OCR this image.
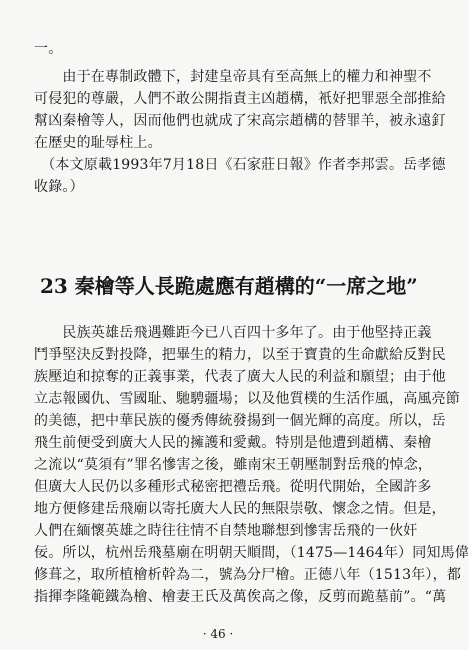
一。
　　由于在專制政體下，封建皇帝具有至高無上的權力和神聖不
可侵犯的尊嚴，人們不敢公開指責主凶趙構，衹好把罪惡全部推給
幫凶秦檜等人，因而他們也就成了宋高宗趙構的替罪羊，被永遠釘
在歷史的耻辱柱上。
　（本文原載1993年7月18日《石家莊日報》作者李邦雲。岳孝德
收錄。）
23 秦檜等人長跪處應有趙構的“一席之地”
　　民族英雄岳飛遇難距今已八百四十多年了。由于他堅持正義
鬥爭堅決反對投降，把畢生的精力，以至于寶貴的生命獻給反對民
族壓迫和掠奪的正義事業，代表了廣大人民的利益和願望；由于他
立志報國仇、雪國耻、馳騁疆場；以及他質樸的生活作風，高風亮節
的美德，把中華民族的優秀傳統發揚到一個光輝的高度。所以，岳
飛生前便受到廣大人民的擁護和愛戴。特別是他遭到趙構、秦檜
之流以“莫須有”罪名慘害之後，雖南宋王朝壓制對岳飛的悼念，
但廣大人民仍以多種形式秘密把禮岳飛。從明代開始，全國許多
地方便修建岳飛廟以寄托廣大人民的無限崇敬、懷念之情。但是，
人們在緬懷英雄之時往往情不自禁地聯想到慘害岳飛的一伙奸
佞。所以，杭州岳飛墓廟在明朝天順間，（1475—1464年）同知馬偉
修葺之，取所植檜析幹為二，號為分尸檜。正德八年（1513年），都
指揮李隆範鐵為檜、檜妻王氏及萬俟高之像，反剪而跪墓前”。“萬
· 46 ·
